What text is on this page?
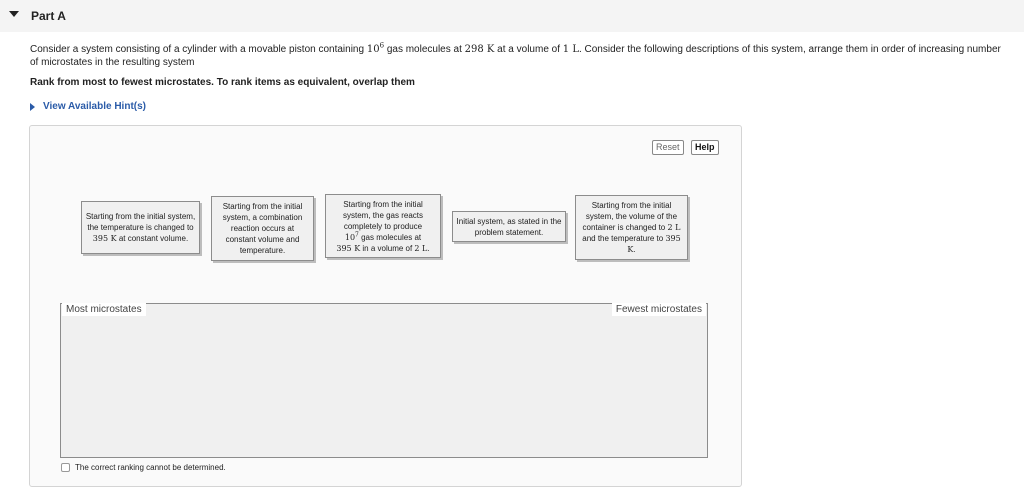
Part A
Consider a system consisting of a cylinder with a movable piston containing $10^6$ gas molecules at 298 K at a volume of 1 L. Consider the following descriptions of this system, arrange them in order of increasing number of microstates in the resulting system
Rank from most to fewest microstates. To rank items as equivalent, overlap them
View Available Hint(s)
Reset	Help
Starting from the initial system, the temperature is changed to
395 K at constant volume.
Starting from the initial system, a combination reaction occurs at constant volume and temperature.
Starting from the initial system, the gas reacts completely to produce
$10^7$ gas molecules at
395 K in a volume of 2 L.
Initial system, as stated in the problem statement.
Starting from the initial system, the volume of the container is changed to 2 L and the temperature to 395 K.
Most microstates	Fewest microstates
The correct ranking cannot be determined.
